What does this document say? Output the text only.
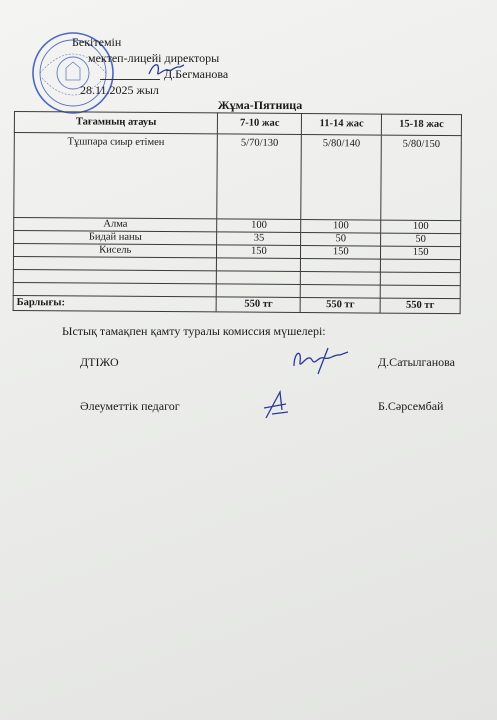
Бекітемін
мектеп-лицейі директоры
Д.Бегманова
28.11.2025 жыл
Жұма-Пятница
Тағамның атауы	7-10 жас	11-14 жас	15-18 жас
Тұшпара сиыр етімен	5/70/130	5/80/140	5/80/150
Алма	100	100	100
Бидай наны	35	50	50
Кисель	150	150	150

Барлығы:	550 тг	550 тг	550 тг
Ыстық тамақпен қамту туралы комиссия мүшелері:
ДТІЖО	Д.Сатылганова
Әлеуметтік педагог	Б.Сәрсембай
